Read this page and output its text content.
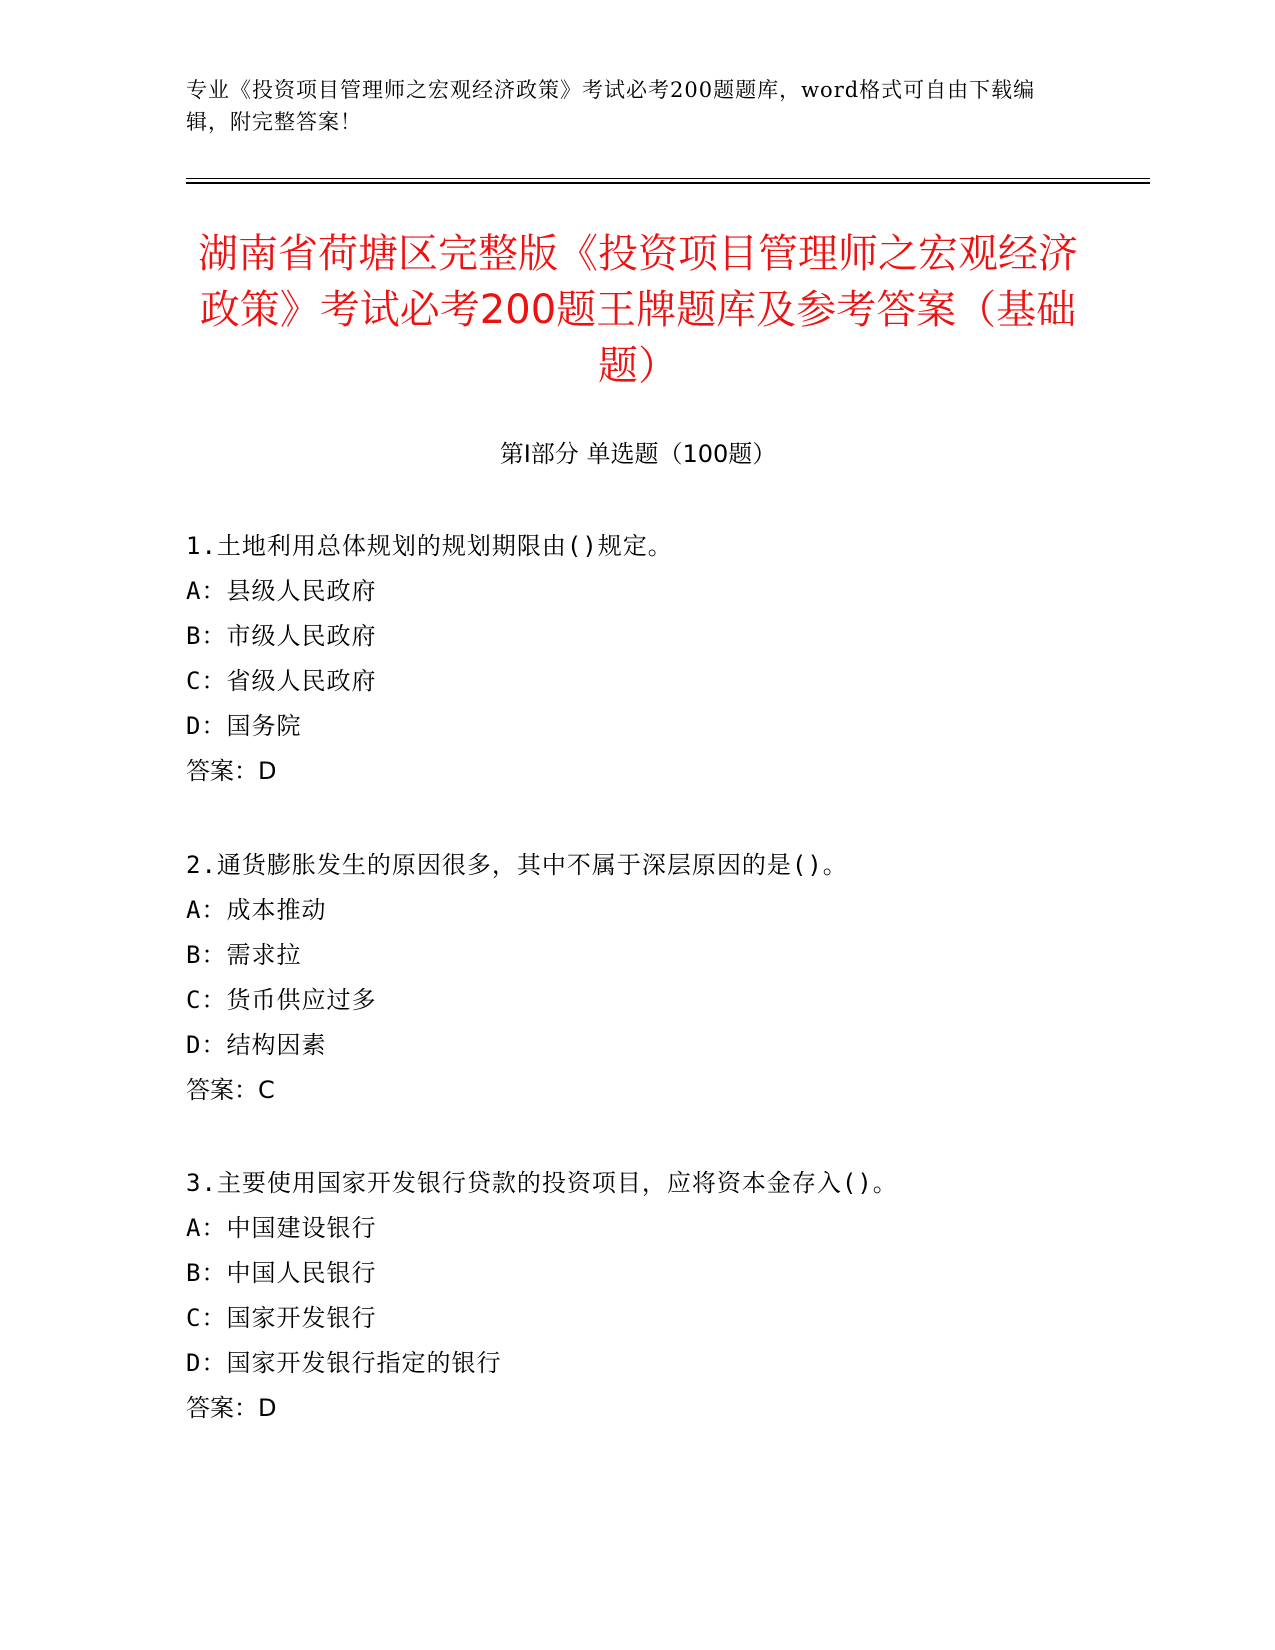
专业《投资项目管理师之宏观经济政策》考试必考200题题库，word格式可自由下载编辑，附完整答案！
湖南省荷塘区完整版《投资项目管理师之宏观经济政策》考试必考200题王牌题库及参考答案（基础题）
第Ⅰ部分 单选题（100题）
1.土地利用总体规划的规划期限由()规定。
A：县级人民政府
B：市级人民政府
C：省级人民政府
D：国务院
答案：D
2.通货膨胀发生的原因很多，其中不属于深层原因的是()。
A：成本推动
B：需求拉
C：货币供应过多
D：结构因素
答案：C
3.主要使用国家开发银行贷款的投资项目，应将资本金存入()。
A：中国建设银行
B：中国人民银行
C：国家开发银行
D：国家开发银行指定的银行
答案：D
